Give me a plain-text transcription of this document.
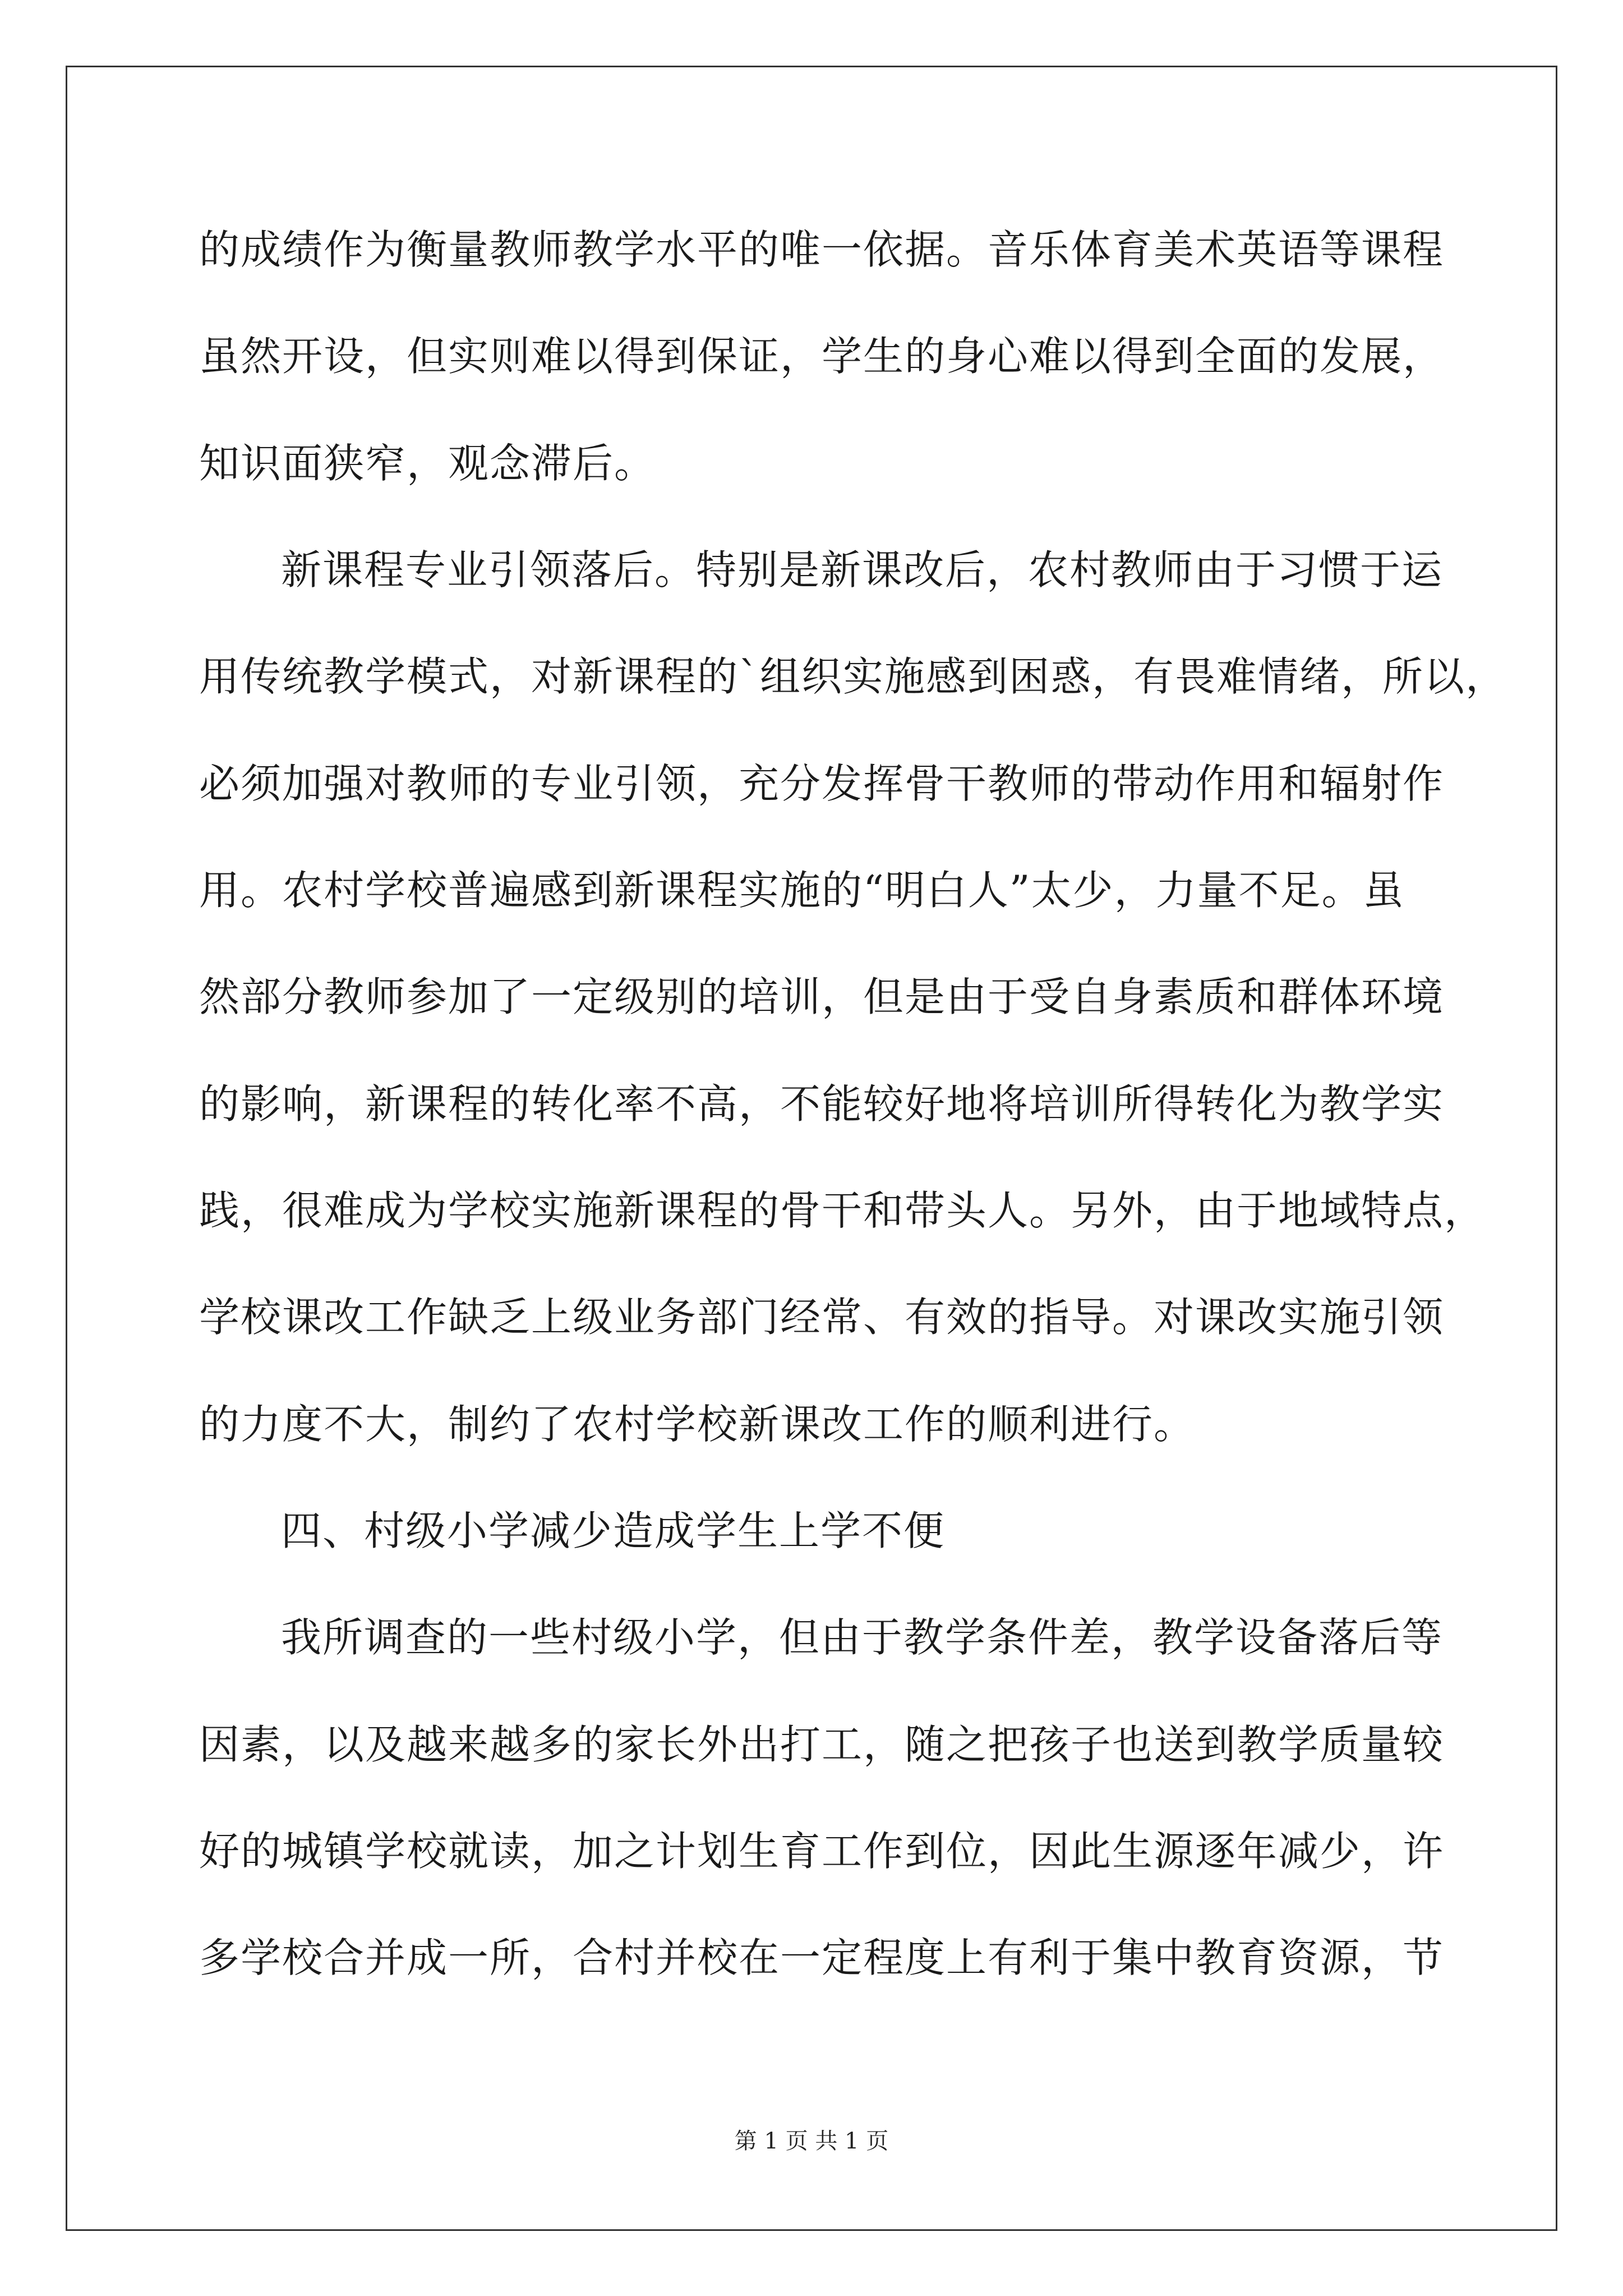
的成绩作为衡量教师教学水平的唯一依据。音乐体育美术英语等课程
虽然开设，但实则难以得到保证，学生的身心难以得到全面的发展，
知识面狭窄，观念滞后。
新课程专业引领落后。特别是新课改后，农村教师由于习惯于运
用传统教学模式，对新课程的`组织实施感到困惑，有畏难情绪，所以，
必须加强对教师的专业引领，充分发挥骨干教师的带动作用和辐射作
用。农村学校普遍感到新课程实施的“明白人”太少，力量不足。虽
然部分教师参加了一定级别的培训，但是由于受自身素质和群体环境
的影响，新课程的转化率不高，不能较好地将培训所得转化为教学实
践，很难成为学校实施新课程的骨干和带头人。另外，由于地域特点，
学校课改工作缺乏上级业务部门经常、有效的指导。对课改实施引领
的力度不大，制约了农村学校新课改工作的顺利进行。
四、村级小学减少造成学生上学不便
我所调查的一些村级小学，但由于教学条件差，教学设备落后等
因素，以及越来越多的家长外出打工，随之把孩子也送到教学质量较
好的城镇学校就读，加之计划生育工作到位，因此生源逐年减少，许
多学校合并成一所，合村并校在一定程度上有利于集中教育资源，节
第 1 页 共 1 页
